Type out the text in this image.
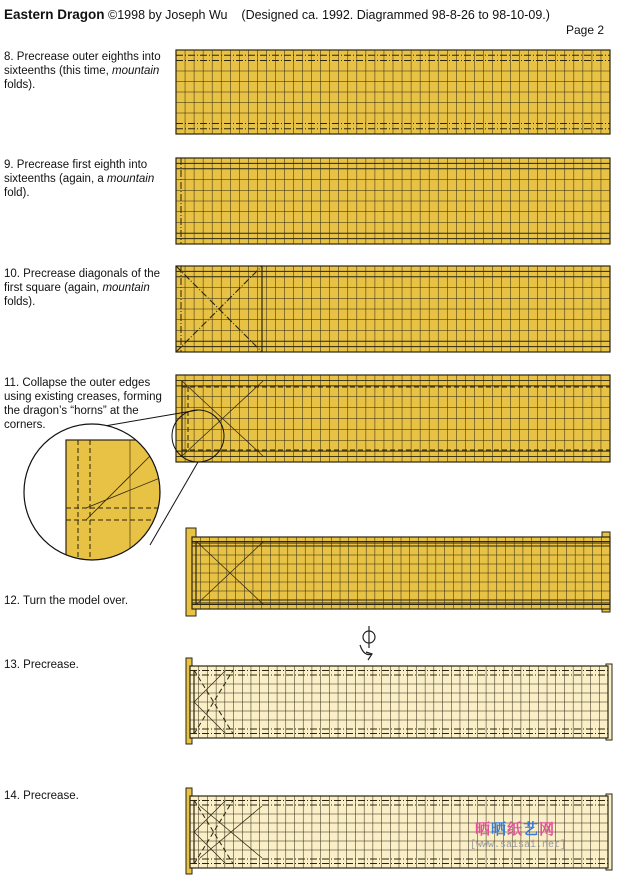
Eastern Dragon ©1998 by Joseph Wu (Designed ca. 1992. Diagrammed 98-8-26 to 98-10-09.)
Page 2
8. Precrease outer eighths into sixteenths (this time, mountain folds).
9. Precrease first eighth into sixteenths (again, a mountain fold).
10. Precrease diagonals of the first square (again, mountain folds).
11. Collapse the outer edges using existing creases, forming the dragon’s “horns” at the corners.
12. Turn the model over.
13. Precrease.
14. Precrease.
晒晒纸艺网
[www.saisai.net]
